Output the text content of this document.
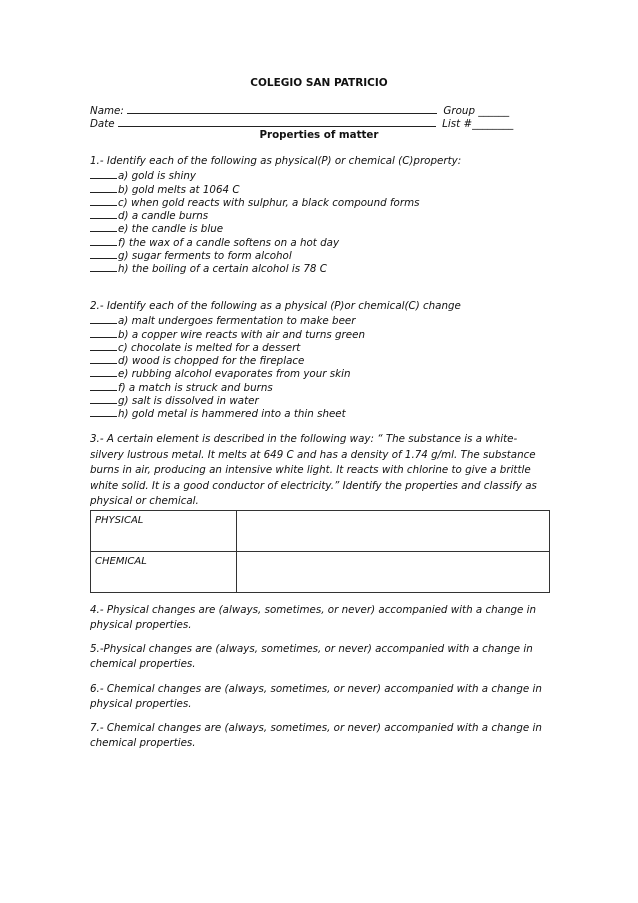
COLEGIO SAN PATRICIO
Name:	Group ______
Date	List #________
Properties of matter
1.- Identify each of the following as physical(P) or chemical (C)property:
a) gold is shiny
b) gold melts at 1064 C
c) when gold reacts with sulphur, a black compound forms
d) a candle burns
e) the candle is blue
f) the wax of a candle softens on a hot day
g) sugar ferments to form alcohol
h) the boiling of a certain alcohol is 78 C
2.- Identify each of the following as a physical (P)or chemical(C) change
a) malt undergoes fermentation to make beer
b) a copper wire reacts with air and turns green
c) chocolate is melted for a dessert
d) wood is chopped for the fireplace
e) rubbing alcohol evaporates from your skin
f) a match is struck and burns
g) salt is dissolved in water
h) gold metal is hammered into a thin sheet
3.- A certain element is described in the following way: “ The substance is a white-silvery lustrous metal. It melts at 649 C and has a density of 1.74 g/ml. The substance burns in air, producing an intensive white light. It reacts with chlorine to give a brittle white solid. It is a good conductor of electricity.” Identify the properties and classify as physical or chemical.
PHYSICAL	
CHEMICAL	
4.- Physical changes are (always, sometimes, or never) accompanied with a change in physical properties.
5.-Physical changes are (always, sometimes, or never) accompanied with a change in chemical properties.
6.- Chemical changes are (always, sometimes, or never) accompanied with a change in physical properties.
7.- Chemical changes are (always, sometimes, or never) accompanied with a change in chemical properties.
